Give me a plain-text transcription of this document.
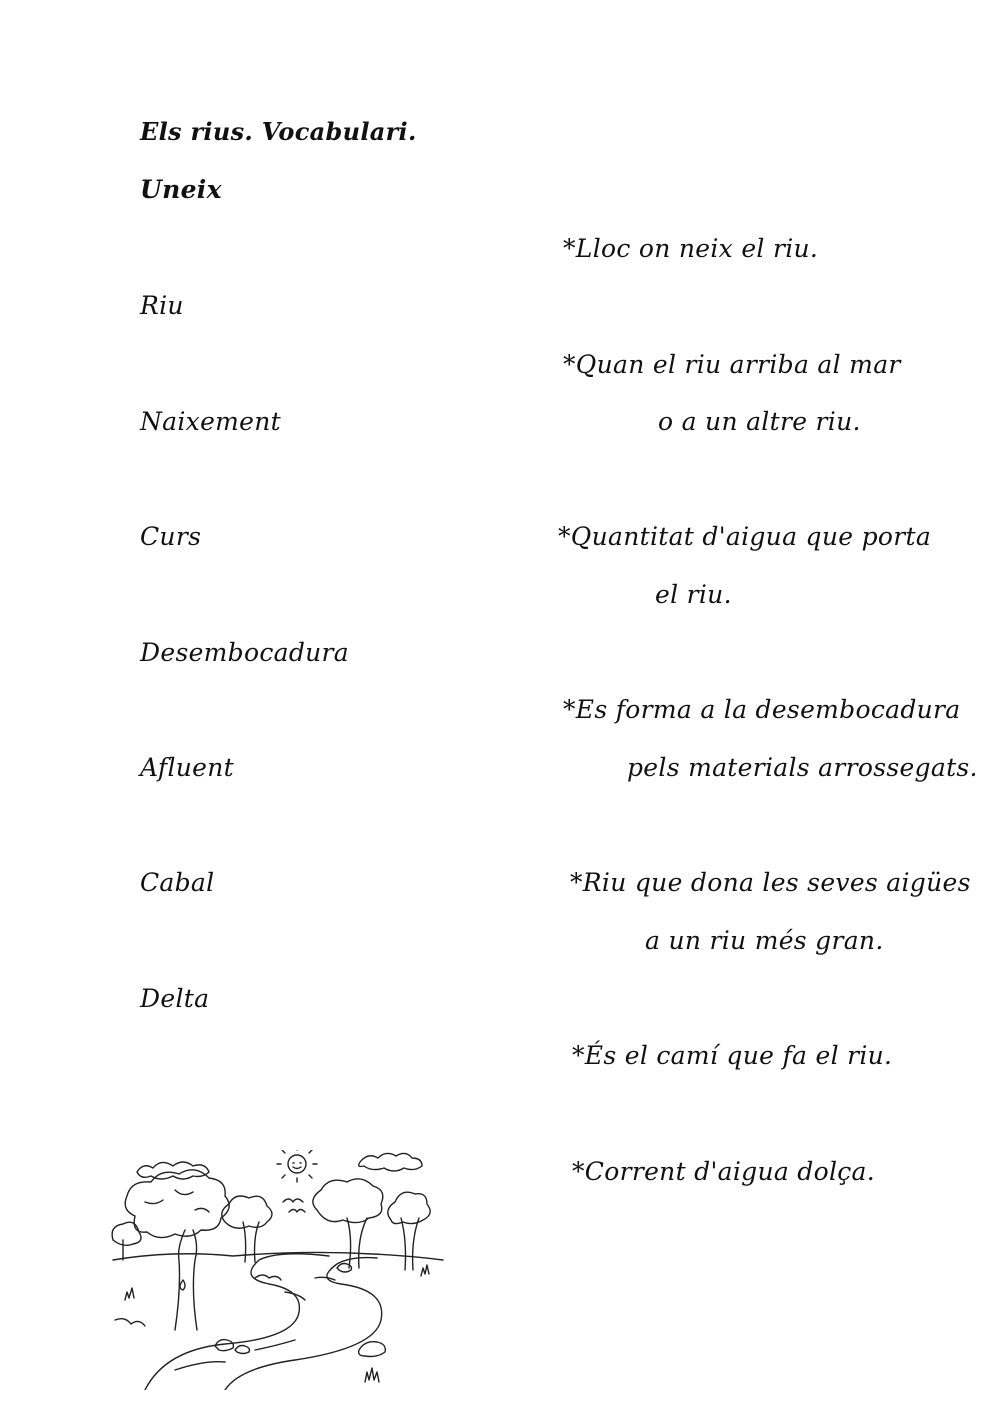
Els rius. Vocabulari.
Uneix
Riu
Naixement
Curs
Desembocadura
Afluent
Cabal
Delta
*Lloc on neix el riu.
*Quan el riu arriba al mar
o a un altre riu.
*Quantitat d'aigua que porta
el riu.
*Es forma a la desembocadura
pels materials arrossegats.
*Riu que dona les seves aigües
a un riu més gran.
*És el camí que fa el riu.
*Corrent d'aigua dolça.
